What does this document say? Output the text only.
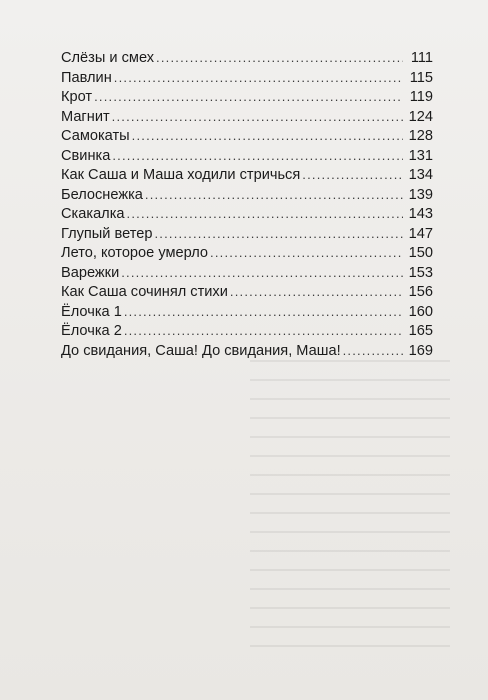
Слёзы и смех .....	111
Павлин .....	115
Крот .....	119
Магнит .....	124
Самокаты .....	128
Свинка .....	131
Как Саша и Маша ходили стричься .....	134
Белоснежка .....	139
Скакалка .....	143
Глупый ветер .....	147
Лето, которое умерло .....	150
Варежки .....	153
Как Саша сочинял стихи .....	156
Ёлочка 1 .....	160
Ёлочка 2 .....	165
До свидания, Саша! До свидания, Маша! .....	169
